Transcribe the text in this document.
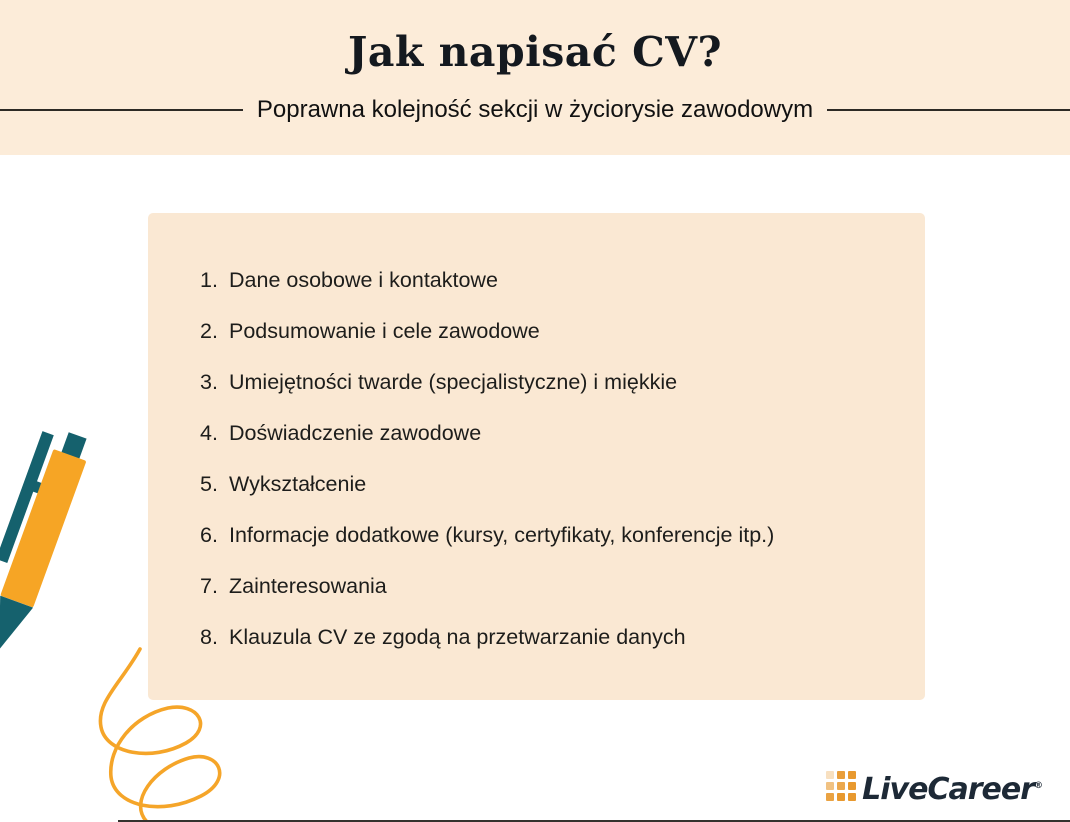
Jak napisać CV?
Poprawna kolejność sekcji w życiorysie zawodowym
1. Dane osobowe i kontaktowe
2. Podsumowanie i cele zawodowe
3. Umiejętności twarde (specjalistyczne) i miękkie
4. Doświadczenie zawodowe
5. Wykształcenie
6. Informacje dodatkowe (kursy, certyfikaty, konferencje itp.)
7. Zainteresowania
8. Klauzula CV ze zgodą na przetwarzanie danych
LiveCareer®
